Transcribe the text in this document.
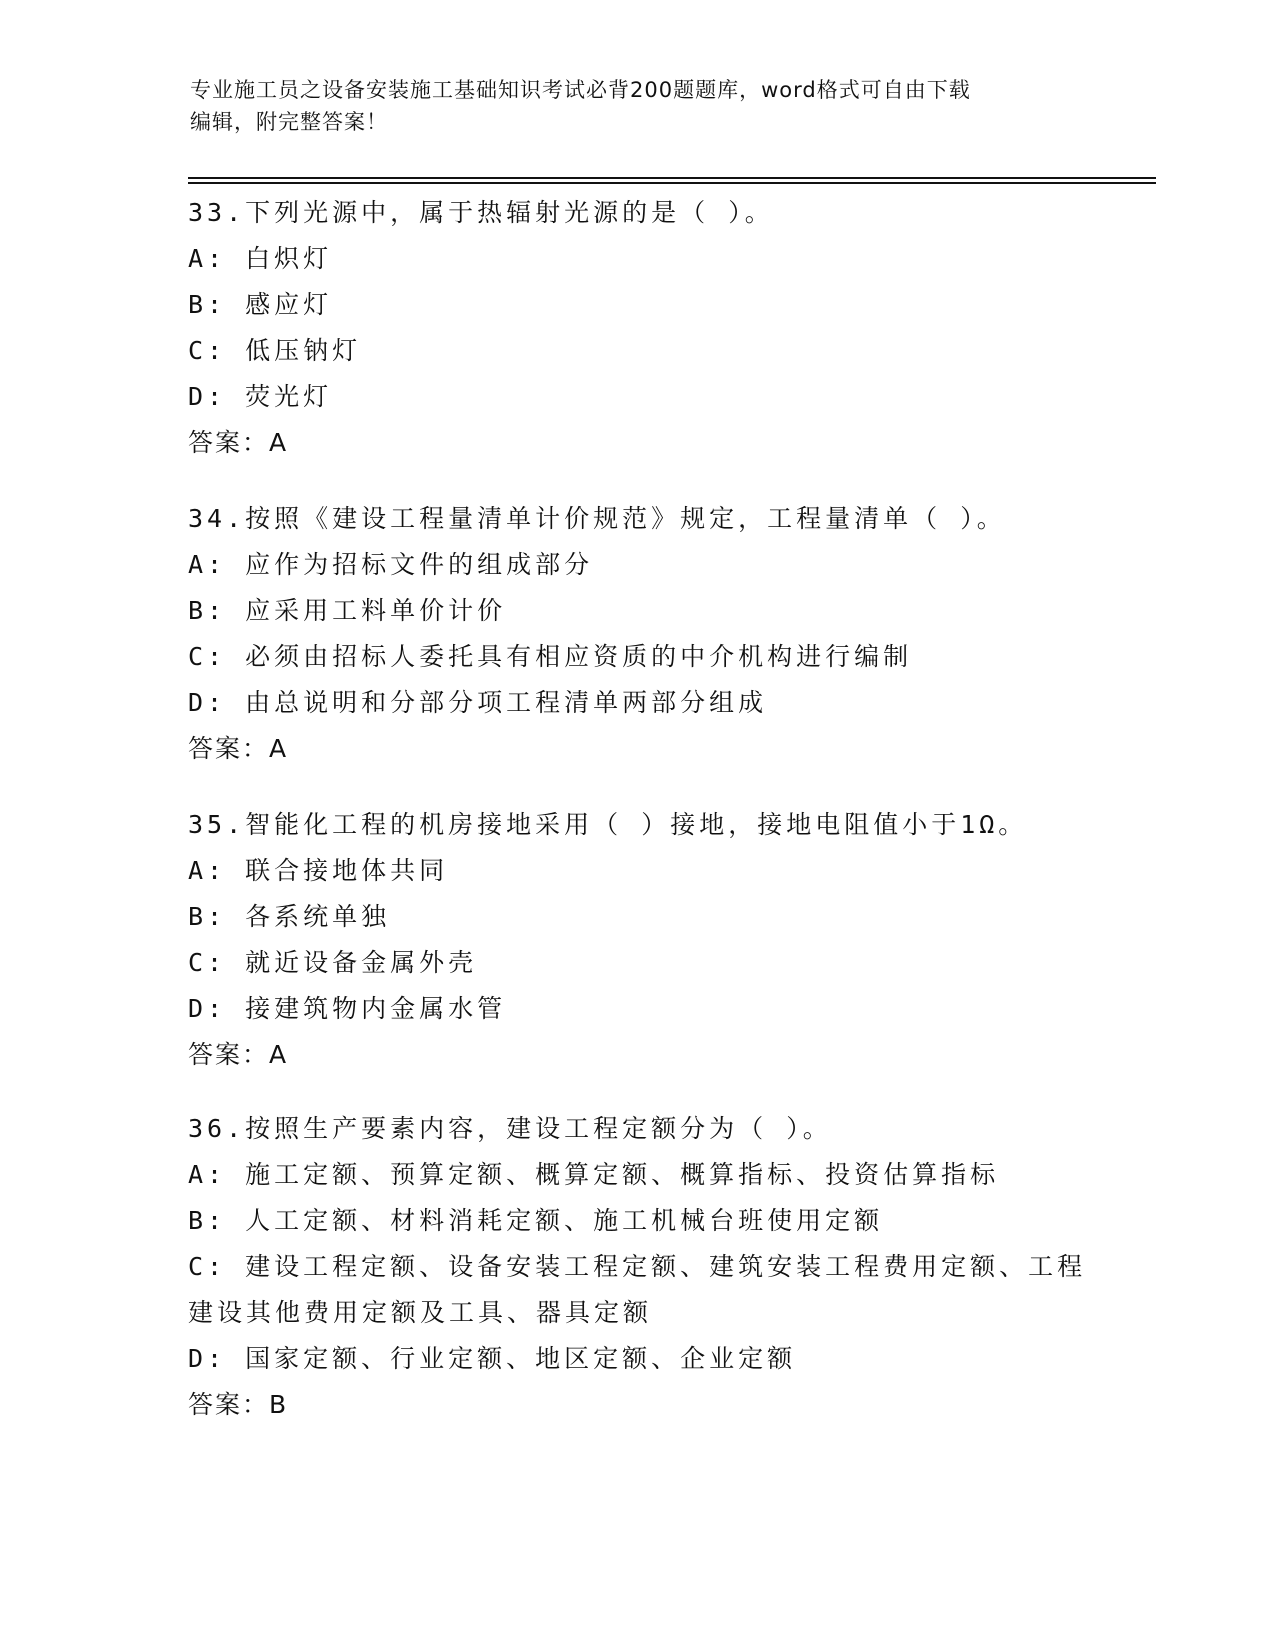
专业施工员之设备安装施工基础知识考试必背200题题库，word格式可自由下载
编辑，附完整答案！
33.下列光源中，属于热辐射光源的是（ ）。
A: 白炽灯
B: 感应灯
C: 低压钠灯
D: 荧光灯
答案：A
34.按照《建设工程量清单计价规范》规定，工程量清单（ ）。
A: 应作为招标文件的组成部分
B: 应采用工料单价计价
C: 必须由招标人委托具有相应资质的中介机构进行编制
D: 由总说明和分部分项工程清单两部分组成
答案：A
35.智能化工程的机房接地采用（ ）接地，接地电阻值小于1Ω。
A: 联合接地体共同
B: 各系统单独
C: 就近设备金属外壳
D: 接建筑物内金属水管
答案：A
36.按照生产要素内容，建设工程定额分为（ ）。
A: 施工定额、预算定额、概算定额、概算指标、投资估算指标
B: 人工定额、材料消耗定额、施工机械台班使用定额
C: 建设工程定额、设备安装工程定额、建筑安装工程费用定额、工程建设其他费用定额及工具、器具定额
D: 国家定额、行业定额、地区定额、企业定额
答案：B
